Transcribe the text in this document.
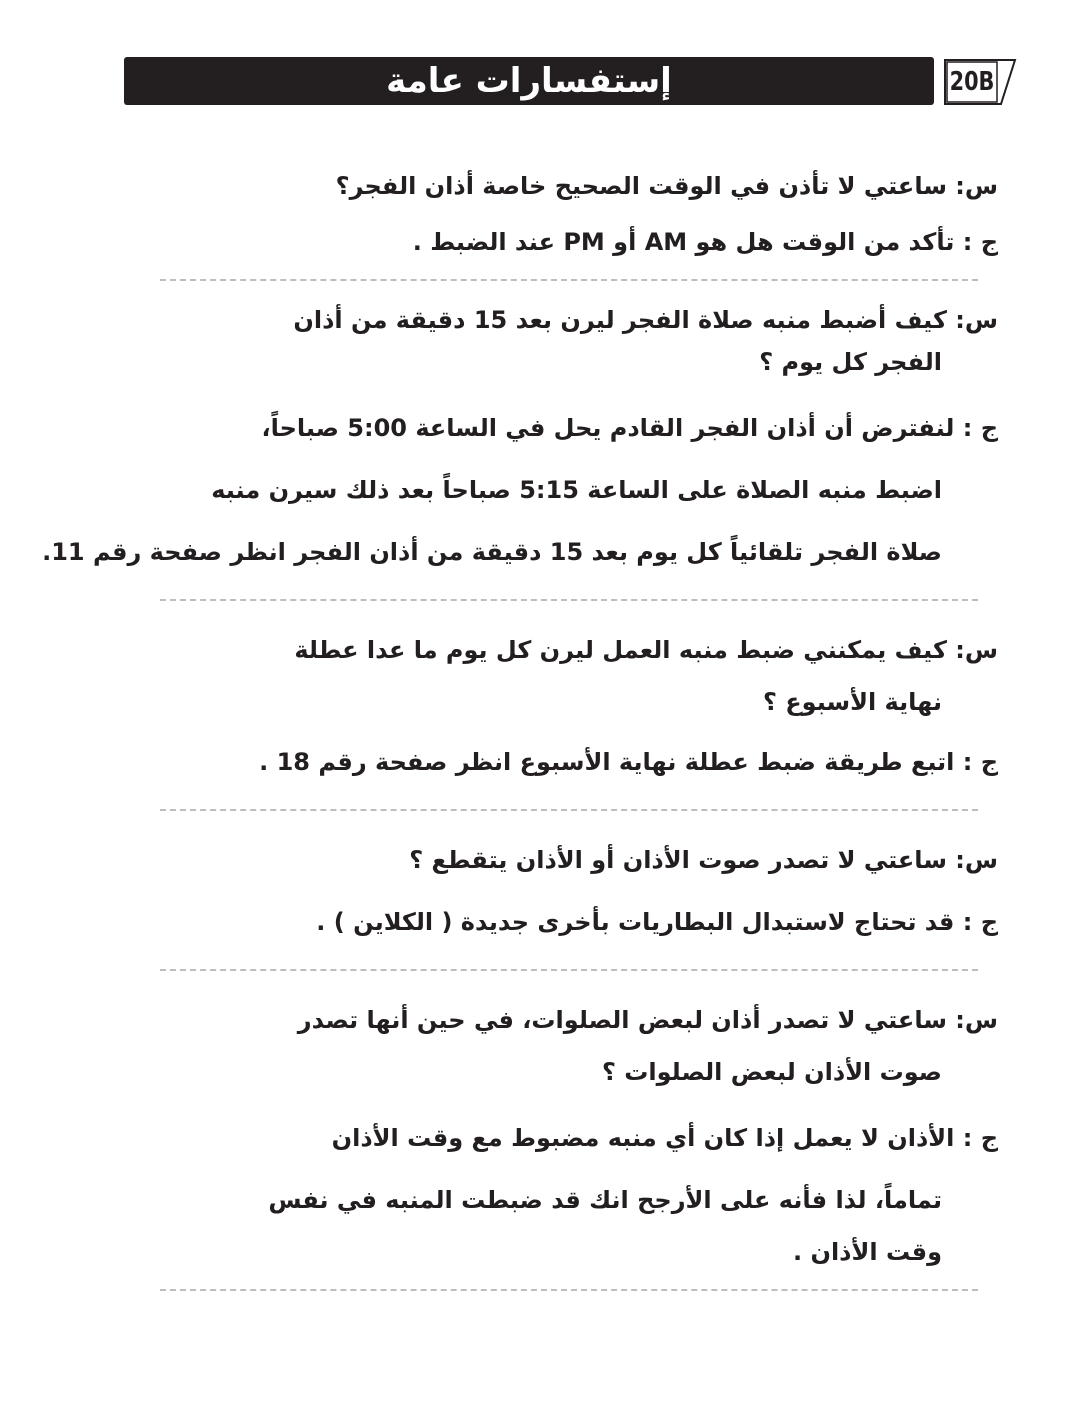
إستفسارات عامة	20B
س: ساعتي لا تأذن في الوقت الصحيح خاصة أذان الفجر؟
ج : تأكد من الوقت هل هو AM أو PM عند الضبط .
س: كيف أضبط منبه صلاة الفجر ليرن بعد 15 دقيقة من أذان
الفجر كل يوم ؟
ج : لنفترض أن أذان الفجر القادم يحل في الساعة 5:00 صباحاً،
اضبط منبه الصلاة على الساعة 5:15 صباحاً بعد ذلك سيرن منبه
صلاة الفجر تلقائياً كل يوم بعد 15 دقيقة من أذان الفجر انظر صفحة رقم 11.
س: كيف يمكنني ضبط منبه العمل ليرن كل يوم ما عدا عطلة
نهاية الأسبوع ؟
ج : اتبع طريقة ضبط عطلة نهاية الأسبوع انظر صفحة رقم 18 .
س: ساعتي لا تصدر صوت الأذان أو الأذان يتقطع ؟
ج : قد تحتاج لاستبدال البطاريات بأخرى جديدة ( الكلاين ) .
س: ساعتي لا تصدر أذان لبعض الصلوات، في حين أنها تصدر
صوت الأذان لبعض الصلوات ؟
ج : الأذان لا يعمل إذا كان أي منبه مضبوط مع وقت الأذان
تماماً، لذا فأنه على الأرجح انك قد ضبطت المنبه في نفس
وقت الأذان .
